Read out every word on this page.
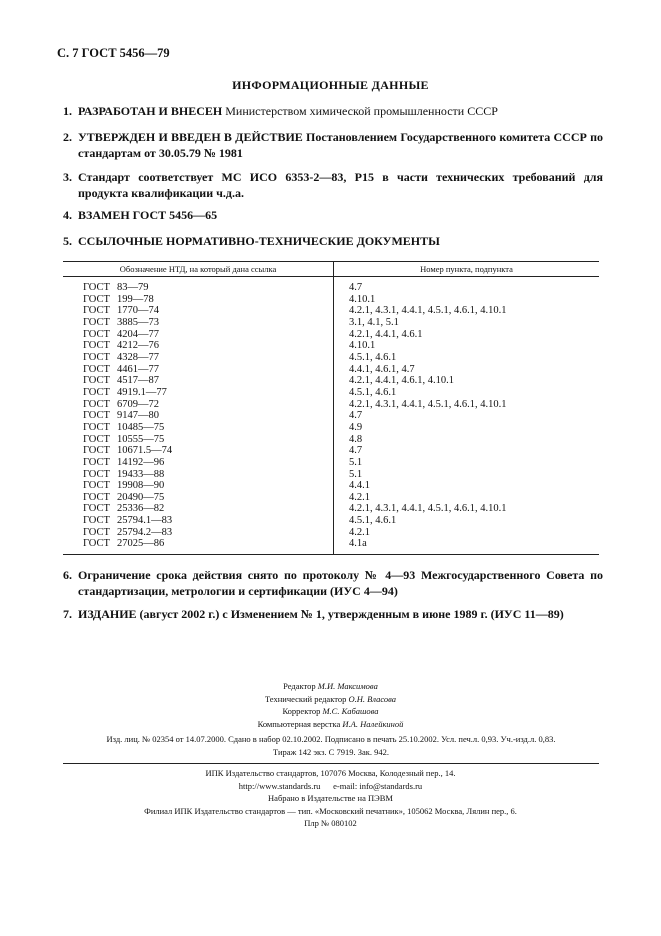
С. 7 ГОСТ 5456—79
ИНФОРМАЦИОННЫЕ ДАННЫЕ
1. РАЗРАБОТАН И ВНЕСЕН Министерством химической промышленности СССР
2. УТВЕРЖДЕН И ВВЕДЕН В ДЕЙСТВИЕ Постановлением Государственного комитета СССР по стандартам от 30.05.79 № 1981
3. Стандарт соответствует МС ИСО 6353-2—83, Р15 в части технических требований для продукта квалификации ч.д.а.
4. ВЗАМЕН ГОСТ 5456—65
5. ССЫЛОЧНЫЕ НОРМАТИВНО-ТЕХНИЧЕСКИЕ ДОКУМЕНТЫ
Обозначение НТД, на который дана ссылка	Номер пункта, подпункта
ГОСТ 83—79	4.7
ГОСТ 199—78	4.10.1
ГОСТ 1770—74	4.2.1, 4.3.1, 4.4.1, 4.5.1, 4.6.1, 4.10.1
ГОСТ 3885—73	3.1, 4.1, 5.1
ГОСТ 4204—77	4.2.1, 4.4.1, 4.6.1
ГОСТ 4212—76	4.10.1
ГОСТ 4328—77	4.5.1, 4.6.1
ГОСТ 4461—77	4.4.1, 4.6.1, 4.7
ГОСТ 4517—87	4.2.1, 4.4.1, 4.6.1, 4.10.1
ГОСТ 4919.1—77	4.5.1, 4.6.1
ГОСТ 6709—72	4.2.1, 4.3.1, 4.4.1, 4.5.1, 4.6.1, 4.10.1
ГОСТ 9147—80	4.7
ГОСТ 10485—75	4.9
ГОСТ 10555—75	4.8
ГОСТ 10671.5—74	4.7
ГОСТ 14192—96	5.1
ГОСТ 19433—88	5.1
ГОСТ 19908—90	4.4.1
ГОСТ 20490—75	4.2.1
ГОСТ 25336—82	4.2.1, 4.3.1, 4.4.1, 4.5.1, 4.6.1, 4.10.1
ГОСТ 25794.1—83	4.5.1, 4.6.1
ГОСТ 25794.2—83	4.2.1
ГОСТ 27025—86	4.1а
6. Ограничение срока действия снято по протоколу № 4—93 Межгосударственного Совета по стандартизации, метрологии и сертификации (ИУС 4—94)
7. ИЗДАНИЕ (август 2002 г.) с Изменением № 1, утвержденным в июне 1989 г. (ИУС 11—89)
Редактор М.И. Максимова
Технический редактор О.Н. Власова
Корректор М.С. Кабашова
Компьютерная верстка И.А. Налейкиной
Изд. лиц. № 02354 от 14.07.2000. Сдано в набор 02.10.2002. Подписано в печать 25.10.2002. Усл. печ.л. 0,93. Уч.-изд.л. 0,83.
Тираж 142 экз. С 7919. Зак. 942.
ИПК Издательство стандартов, 107076 Москва, Колодезный пер., 14.
http://www.standards.ru      e-mail: info@standards.ru
Набрано в Издательстве на ПЭВМ
Филиал ИПК Издательство стандартов — тип. «Московский печатник», 105062 Москва, Лялин пер., 6.
Плр № 080102
